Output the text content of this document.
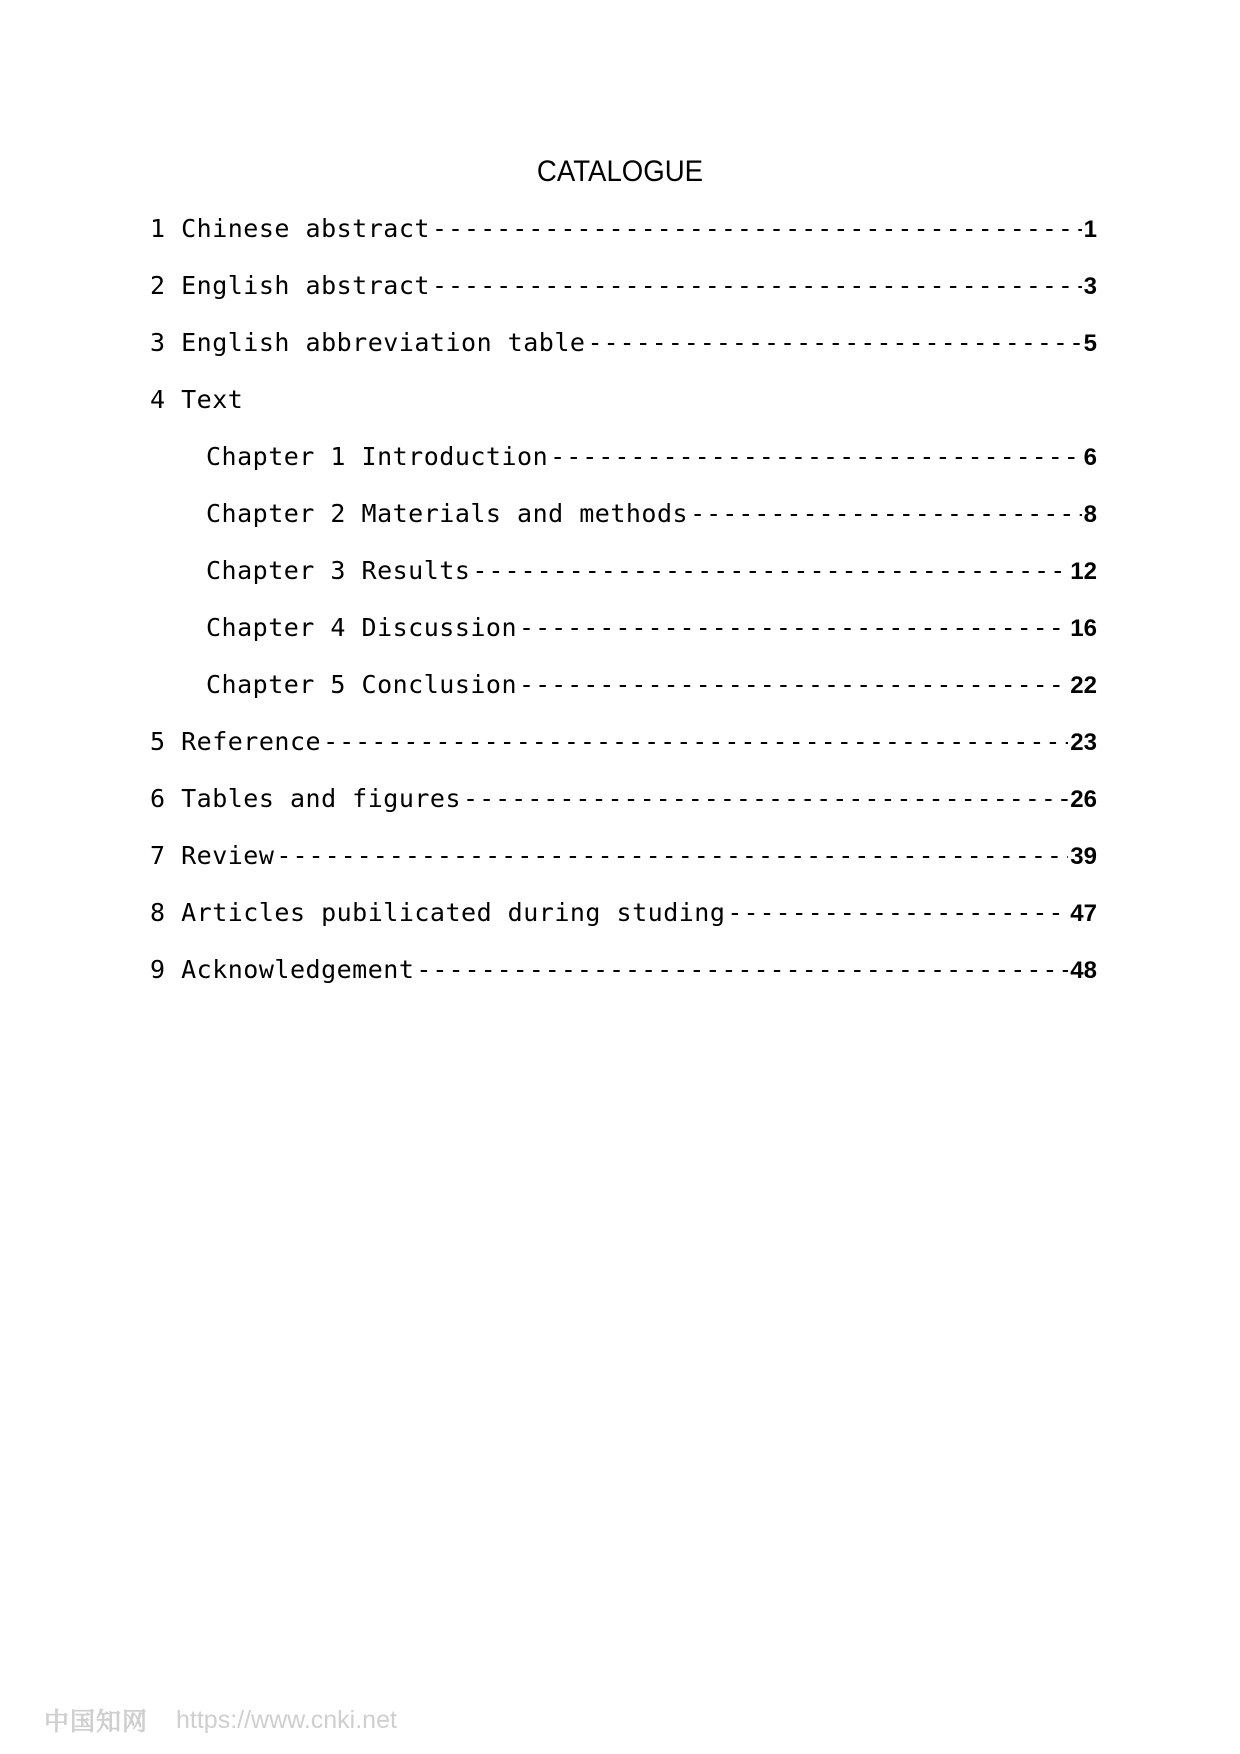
CATALOGUE
1 Chinese abstract -----	1
2 English abstract -----	3
3 English abbreviation table -----	5
4 Text
Chapter 1 Introduction -----	6
Chapter 2 Materials and methods -----	8
Chapter 3 Results -----	12
Chapter 4 Discussion -----	16
Chapter 5 Conclusion -----	22
5 Reference -----	23
6 Tables and figures -----	26
7 Review -----	39
8 Articles pubilicated during studing -----	47
9 Acknowledgement -----	48
中国知网 https://www.cnki.net
